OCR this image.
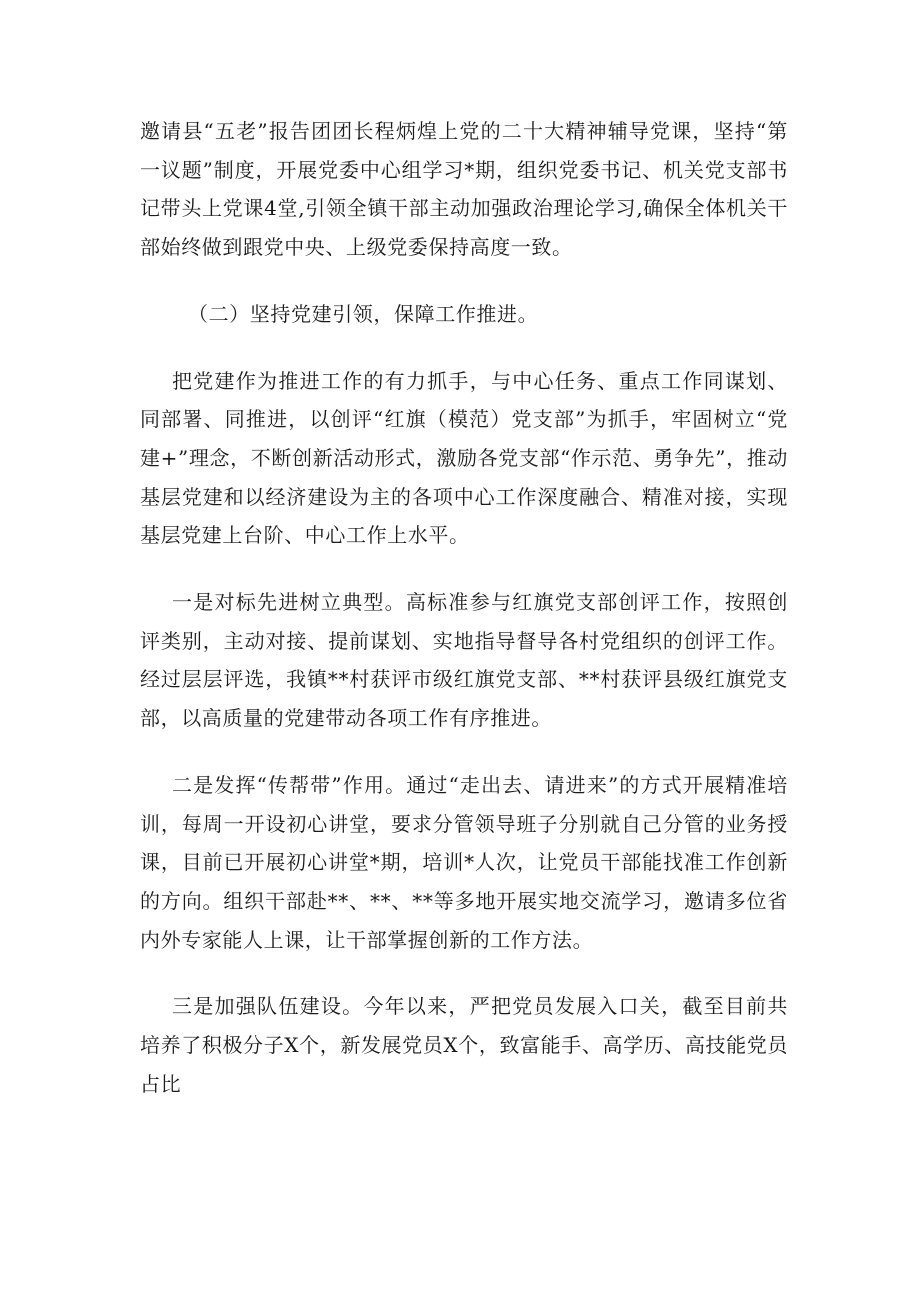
邀请县“五老”报告团团长程炳煌上党的二十大精神辅导党课，坚持“第一议题”制度，开展党委中心组学习*期，组织党委书记、机关党支部书记带头上党课4堂,引领全镇干部主动加强政治理论学习,确保全体机关干部始终做到跟党中央、上级党委保持高度一致。

（二）坚持党建引领，保障工作推进。

把党建作为推进工作的有力抓手，与中心任务、重点工作同谋划、同部署、同推进，以创评“红旗（模范）党支部”为抓手，牢固树立“党建+”理念，不断创新活动形式，激励各党支部“作示范、勇争先”，推动基层党建和以经济建设为主的各项中心工作深度融合、精准对接，实现基层党建上台阶、中心工作上水平。

一是对标先进树立典型。高标准参与红旗党支部创评工作，按照创评类别，主动对接、提前谋划、实地指导督导各村党组织的创评工作。经过层层评选，我镇**村获评市级红旗党支部、**村获评县级红旗党支部，以高质量的党建带动各项工作有序推进。

二是发挥“传帮带”作用。通过“走出去、请进来”的方式开展精准培训，每周一开设初心讲堂，要求分管领导班子分别就自己分管的业务授课，目前已开展初心讲堂*期，培训*人次，让党员干部能找准工作创新的方向。组织干部赴**、**、**等多地开展实地交流学习，邀请多位省内外专家能人上课，让干部掌握创新的工作方法。

三是加强队伍建设。今年以来，严把党员发展入口关，截至目前共培养了积极分子X个，新发展党员X个，致富能手、高学历、高技能党员占比
